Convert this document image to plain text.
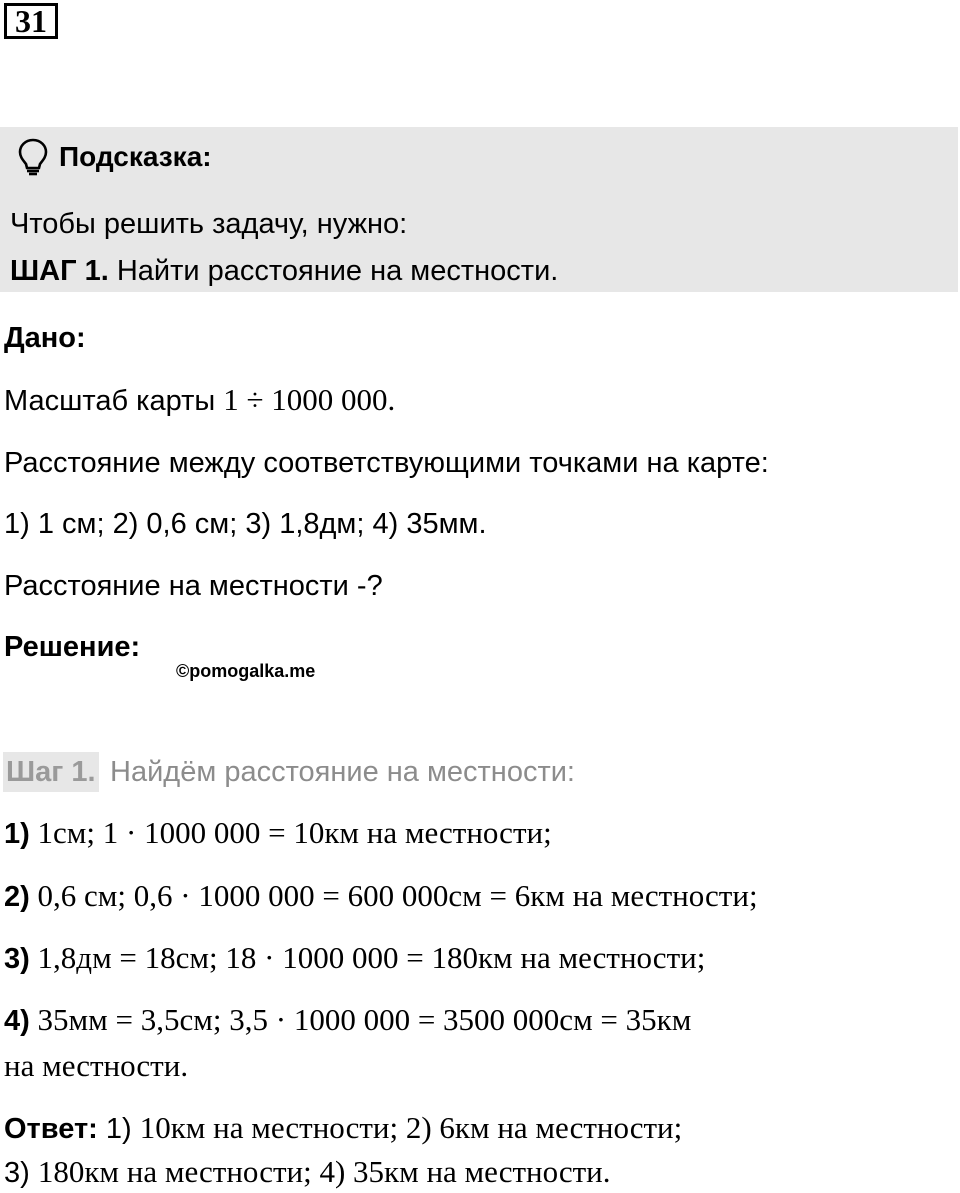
31
Подсказка:
Чтобы решить задачу, нужно:
ШАГ 1. Найти расстояние на местности.
Дано:
Масштаб карты 1 ÷ 1000 000.
Расстояние между соответствующими точками на карте:
1) 1 см; 2) 0,6 см; 3) 1,8дм; 4) 35мм.
Расстояние на местности -?
Решение:
©pomogalka.me
Шаг 1. Найдём расстояние на местности:
1) 1см; 1 · 1000 000 = 10км на местности;
2) 0,6 см; 0,6 · 1000 000 = 600 000см = 6км на местности;
3) 1,8дм = 18см; 18 · 1000 000 = 180км на местности;
4) 35мм = 3,5см; 3,5 · 1000 000 = 3500 000см = 35км
на местности.
Ответ: 1) 10км на местности; 2) 6км на местности;
3) 180км на местности; 4) 35км на местности.
